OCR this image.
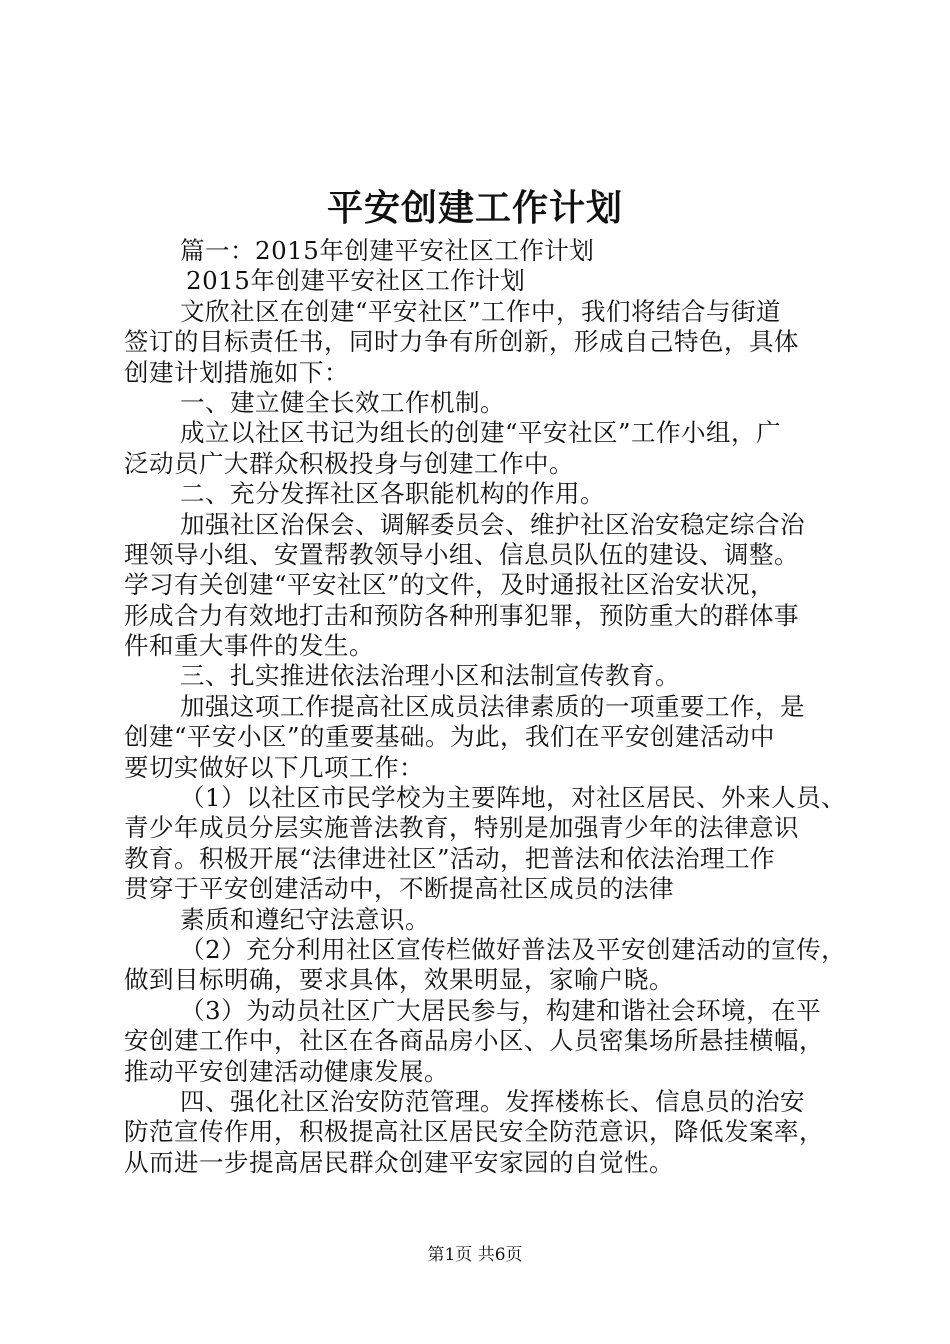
平安创建工作计划
篇一：2015年创建平安社区工作计划
2015年创建平安社区工作计划
文欣社区在创建“平安社区”工作中，我们将结合与街道
签订的目标责任书，同时力争有所创新，形成自己特色，具体
创建计划措施如下：
一、建立健全长效工作机制。
成立以社区书记为组长的创建“平安社区”工作小组，广
泛动员广大群众积极投身与创建工作中。
二、充分发挥社区各职能机构的作用。
加强社区治保会、调解委员会、维护社区治安稳定综合治
理领导小组、安置帮教领导小组、信息员队伍的建设、调整。
学习有关创建“平安社区”的文件，及时通报社区治安状况，
形成合力有效地打击和预防各种刑事犯罪，预防重大的群体事
件和重大事件的发生。
三、扎实推进依法治理小区和法制宣传教育。
加强这项工作提高社区成员法律素质的一项重要工作，是
创建“平安小区”的重要基础。为此，我们在平安创建活动中
要切实做好以下几项工作：
（1）以社区市民学校为主要阵地，对社区居民、外来人员、
青少年成员分层实施普法教育，特别是加强青少年的法律意识
教育。积极开展“法律进社区”活动，把普法和依法治理工作
贯穿于平安创建活动中，不断提高社区成员的法律
素质和遵纪守法意识。
（2）充分利用社区宣传栏做好普法及平安创建活动的宣传，
做到目标明确，要求具体，效果明显，家喻户晓。
（3）为动员社区广大居民参与，构建和谐社会环境，在平
安创建工作中，社区在各商品房小区、人员密集场所悬挂横幅，
推动平安创建活动健康发展。
四、强化社区治安防范管理。发挥楼栋长、信息员的治安
防范宣传作用，积极提高社区居民安全防范意识，降低发案率，
从而进一步提高居民群众创建平安家园的自觉性。
第1页 共6页
